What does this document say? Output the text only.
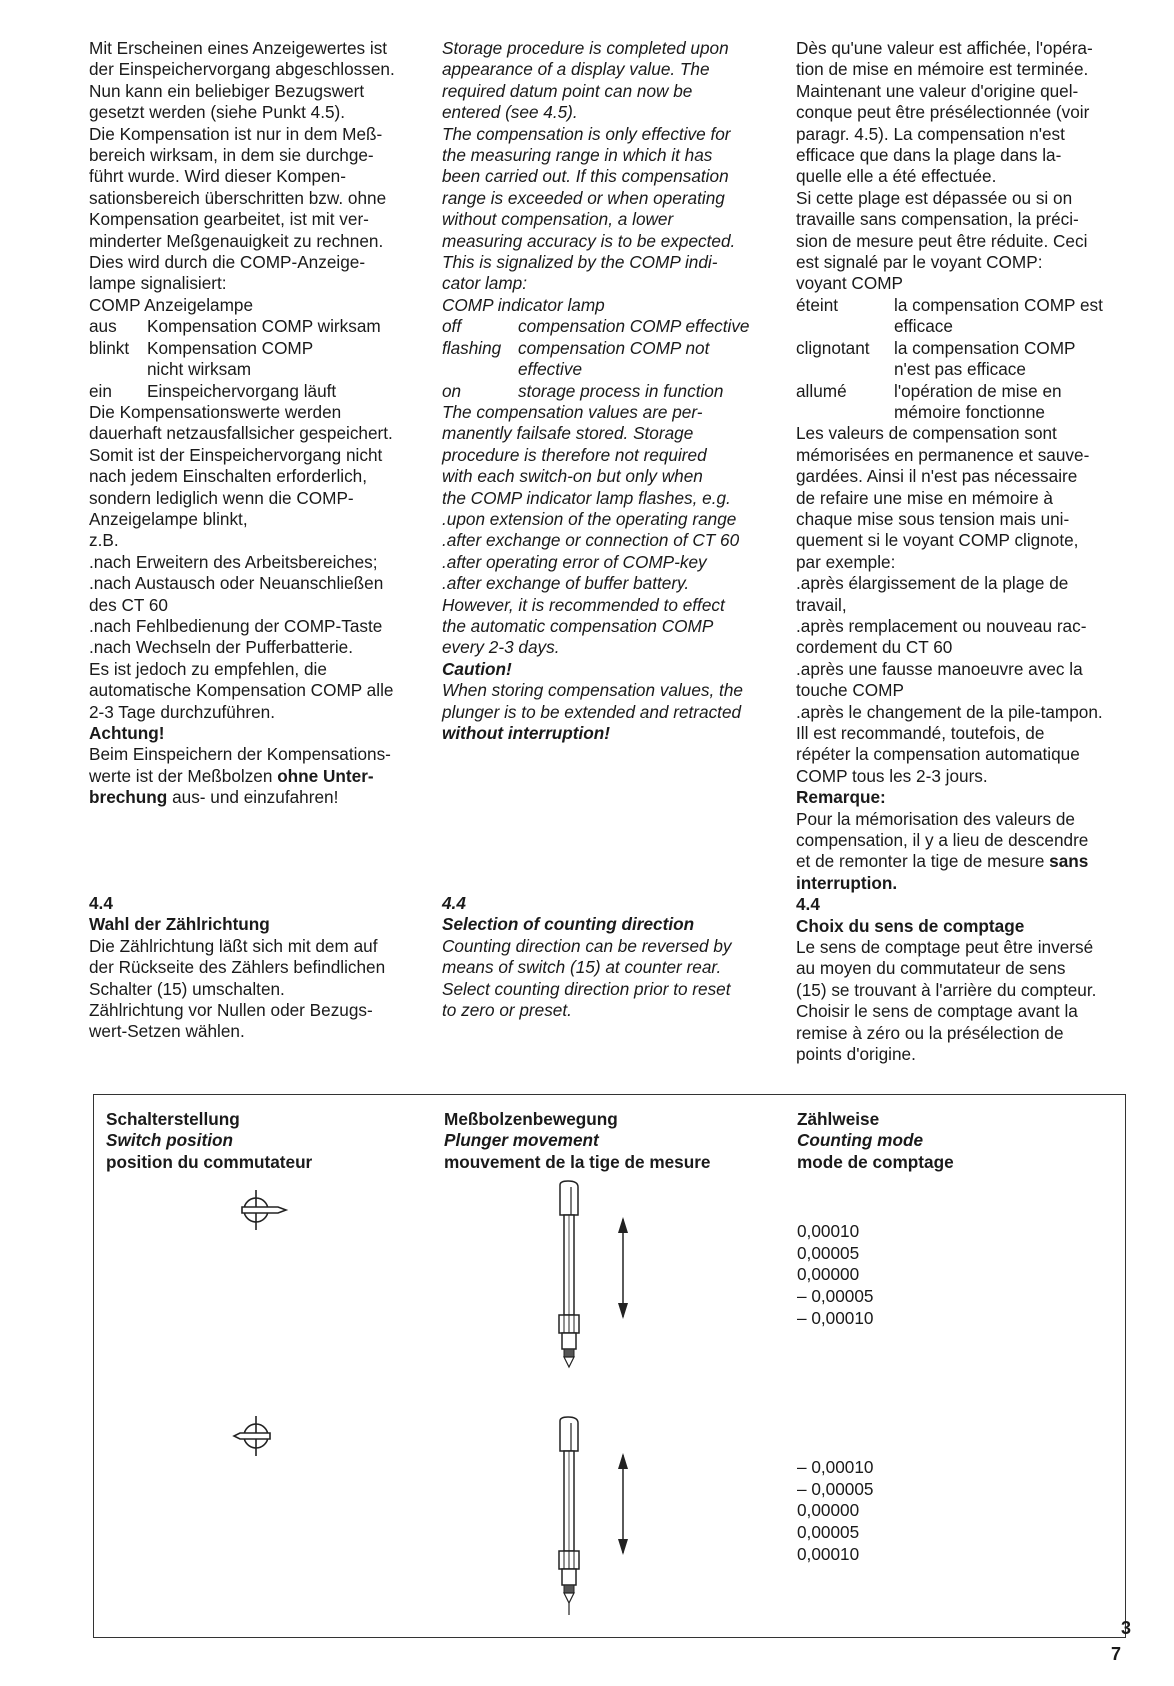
Mit Erscheinen eines Anzeigewertes ist
der Einspeichervorgang abgeschlossen.
Nun kann ein beliebiger Bezugswert
gesetzt werden (siehe Punkt 4.5).
Die Kompensation ist nur in dem Meß-
bereich wirksam, in dem sie durchge-
führt wurde. Wird dieser Kompen-
sationsbereich überschritten bzw. ohne
Kompensation gearbeitet, ist mit ver-
minderter Meßgenauigkeit zu rechnen.
Dies wird durch die COMP-Anzeige-
lampe signalisiert:
COMP Anzeigelampe
aus	Kompensation COMP wirksam
blinkt	Kompensation COMP
nicht wirksam
ein	Einspeichervorgang läuft
Die Kompensationswerte werden
dauerhaft netzausfallsicher gespeichert.
Somit ist der Einspeichervorgang nicht
nach jedem Einschalten erforderlich,
sondern lediglich wenn die COMP-
Anzeigelampe blinkt,
z.B.
.nach Erweitern des Arbeitsbereiches;
.nach Austausch oder Neuanschließen
des CT 60
.nach Fehlbedienung der COMP-Taste
.nach Wechseln der Pufferbatterie.
Es ist jedoch zu empfehlen, die
automatische Kompensation COMP alle
2-3 Tage durchzuführen.
Achtung!
Beim Einspeichern der Kompensations-
werte ist der Meßbolzen ohne Unter-
brechung aus- und einzufahren!
Storage procedure is completed upon
appearance of a display value. The
required datum point can now be
entered (see 4.5).
The compensation is only effective for
the measuring range in which it has
been carried out. If this compensation
range is exceeded or when operating
without compensation, a lower
measuring accuracy is to be expected.
This is signalized by the COMP indi-
cator lamp:
COMP indicator lamp
off	compensation COMP effective
flashing compensation COMP not
effective
on	storage process in function
The compensation values are per-
manently failsafe stored. Storage
procedure is therefore not required
with each switch-on but only when
the COMP indicator lamp flashes, e.g.
.upon extension of the operating range
.after exchange or connection of CT 60
.after operating error of COMP-key
.after exchange of buffer battery.
However, it is recommended to effect
the automatic compensation COMP
every 2-3 days.
Caution!
When storing compensation values, the
plunger is to be extended and retracted
without interruption!
Dès qu'une valeur est affichée, l'opéra-
tion de mise en mémoire est terminée.
Maintenant une valeur d'origine quel-
conque peut être présélectionnée (voir
paragr. 4.5). La compensation n'est
efficace que dans la plage dans la-
quelle elle a été effectuée.
Si cette plage est dépassée ou si on
travaille sans compensation, la préci-
sion de mesure peut être réduite. Ceci
est signalé par le voyant COMP:
voyant COMP
éteint	la compensation COMP est
efficace
clignotant	la compensation COMP
n'est pas efficace
allumé	l'opération de mise en
mémoire fonctionne
Les valeurs de compensation sont
mémorisées en permanence et sauve-
gardées. Ainsi il n'est pas nécessaire
de refaire une mise en mémoire à
chaque mise sous tension mais uni-
quement si le voyant COMP clignote,
par exemple:
.après élargissement de la plage de
travail,
.après remplacement ou nouveau rac-
cordement du CT 60
.après une fausse manoeuvre avec la
touche COMP
.après le changement de la pile-tampon.
Ill est recommandé, toutefois, de
répéter la compensation automatique
COMP tous les 2-3 jours.
Remarque:
Pour la mémorisation des valeurs de
compensation, il y a lieu de descendre
et de remonter la tige de mesure sans
interruption.
4.4
Choix du sens de comptage
Le sens de comptage peut être inversé
au moyen du commutateur de sens
(15) se trouvant à l'arrière du compteur.
Choisir le sens de comptage avant la
remise à zéro ou la présélection de
points d'origine.
4.4
Wahl der Zählrichtung
Die Zählrichtung läßt sich mit dem auf
der Rückseite des Zählers befindlichen
Schalter (15) umschalten.
Zählrichtung vor Nullen oder Bezugs-
wert-Setzen wählen.
4.4
Selection of counting direction
Counting direction can be reversed by
means of switch (15) at counter rear.
Select counting direction prior to reset
to zero or preset.
Schalterstellung
Switch position
position du commutateur
Meßbolzenbewegung
Plunger movement
mouvement de la tige de mesure
Zählweise
Counting mode
mode de comptage
0,00010
0,00005
0,00000
– 0,00005
– 0,00010
– 0,00010
– 0,00005
0,00000
0,00005
0,00010
3
7
